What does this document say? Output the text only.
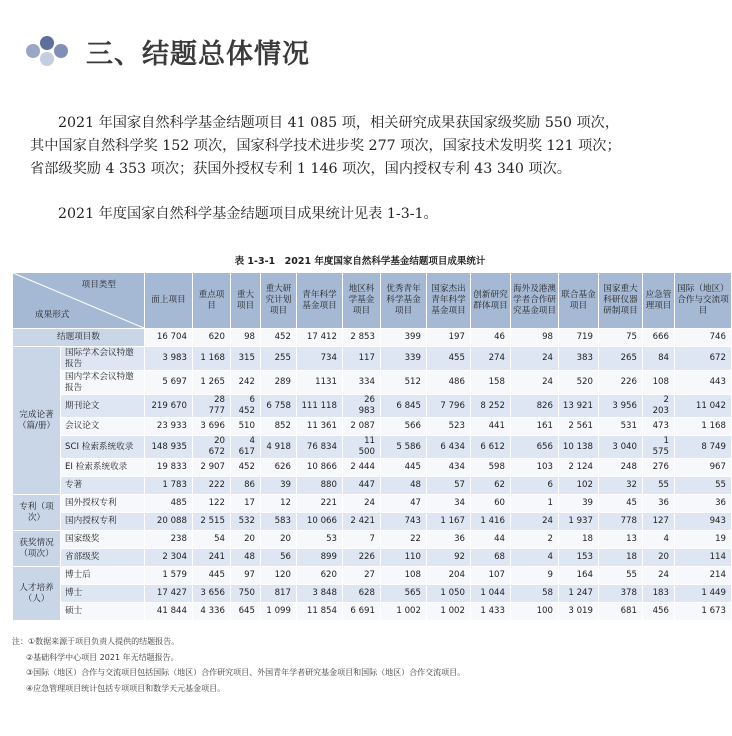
三、结题总体情况
2021 年国家自然科学基金结题项目 41 085 项，相关研究成果获国家级奖励 550 项次，
其中国家自然科学奖 152 项次，国家科学技术进步奖 277 项次，国家技术发明奖 121 项次；
省部级奖励 4 353 项次；获国外授权专利 1 146 项次，国内授权专利 43 340 项次。
2021 年度国家自然科学基金结题项目成果统计见表 1-3-1。
表 1-3-1　2021 年度国家自然科学基金结题项目成果统计
项目类型
成果形式		面上项目	重点项目	重大项目	重大研究计划项目	青年科学基金项目	地区科学基金项目	优秀青年科学基金项目	国家杰出青年科学基金项目	创新研究群体项目	海外及港澳学者合作研究基金项目	联合基金项目	国家重大科研仪器研制项目	应急管理项目	国际（地区）合作与交流项目
结题项目数		16 704	620	98	452	17 412	2 853	399	197	46	98	719	75	666	746
完成论著（篇/册）	国际学术会议特邀报告	3 983	1 168	315	255	734	117	339	455	274	24	383	265	84	672
	国内学术会议特邀报告	5 697	1 265	242	289	1131	334	512	486	158	24	520	226	108	443
	期刊论文	219 670	28 777	6 452	6 758	111 118	26 983	6 845	7 796	8 252	826	13 921	3 956	2 203	11 042
	会议论文	23 933	3 696	510	852	11 361	2 087	566	523	441	161	2 561	531	473	1 168
	SCI 检索系统收录	148 935	20 672	4 617	4 918	76 834	11 500	5 586	6 434	6 612	656	10 138	3 040	1 575	8 749
	EI 检索系统收录	19 833	2 907	452	626	10 866	2 444	445	434	598	103	2 124	248	276	967
	专著	1 783	222	86	39	880	447	48	57	62	6	102	32	55	55
专利（项次）	国外授权专利	485	122	17	12	221	24	47	34	60	1	39	45	36	36
	国内授权专利	20 088	2 515	532	583	10 066	2 421	743	1 167	1 416	24	1 937	778	127	943
获奖情况（项次）	国家级奖	238	54	20	20	53	7	22	36	44	2	18	13	4	19
	省部级奖	2 304	241	48	56	899	226	110	92	68	4	153	18	20	114
人才培养（人）	博士后	1 579	445	97	120	620	27	108	204	107	9	164	55	24	214
	博士	17 427	3 656	750	817	3 848	628	565	1 050	1 044	58	1 247	378	183	1 449
	硕士	41 844	4 336	645	1 099	11 854	6 691	1 002	1 002	1 433	100	3 019	681	456	1 673
注：①数据来源于项目负责人提供的结题报告。
②基础科学中心项目 2021 年无结题报告。
③国际（地区）合作与交流项目包括国际（地区）合作研究项目、外国青年学者研究基金项目和国际（地区）合作交流项目。
④应急管理项目统计包括专项项目和数学天元基金项目。
